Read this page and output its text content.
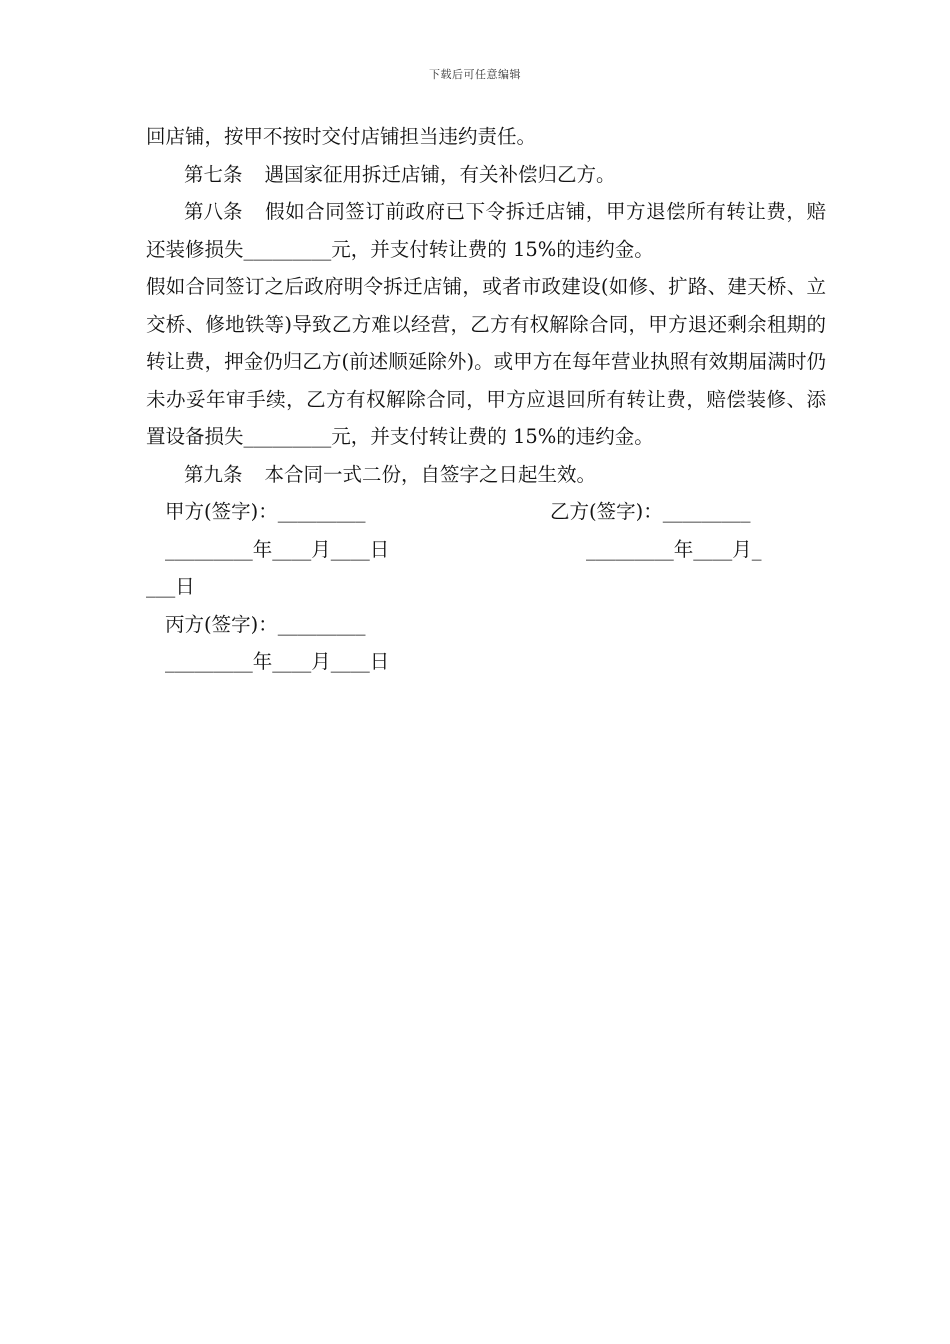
下载后可任意编辑

回店铺，按甲不按时交付店铺担当违约责任。

第七条 遇国家征用拆迁店铺，有关补偿归乙方。

第八条 假如合同签订前政府已下令拆迁店铺，甲方退偿所有转让费，赔还装修损失_________元，并支付转让费的 15%的违约金。

假如合同签订之后政府明令拆迁店铺，或者市政建设(如修、扩路、建天桥、立交桥、修地铁等)导致乙方难以经营，乙方有权解除合同，甲方退还剩余租期的转让费，押金仍归乙方(前述顺延除外)。或甲方在每年营业执照有效期届满时仍未办妥年审手续，乙方有权解除合同，甲方应退回所有转让费，赔偿装修、添置设备损失_________元，并支付转让费的 15%的违约金。

第九条 本合同一式二份，自签字之日起生效。

甲方(签字)：_________	乙方(签字)：_________
_________年____月____日	_________年____月_

___日

丙方(签字)：_________
_________年____月____日
